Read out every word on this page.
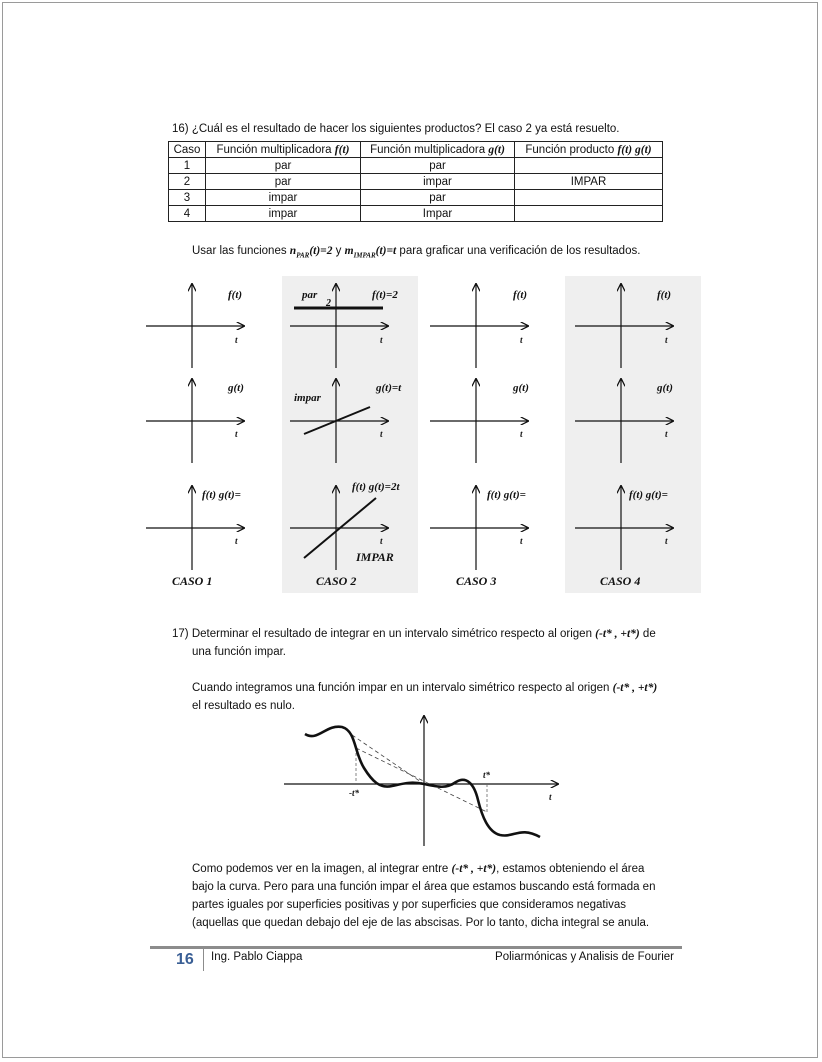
16) ¿Cuál es el resultado de hacer los siguientes productos? El caso 2 ya está resuelto.
Caso	Función multiplicadora f(t)	Función multiplicadora g(t)	Función producto f(t) g(t)
1	par	par	
2	par	impar	IMPAR
3	impar	par	
4	impar	Impar	
Usar las funciones $n_{PAR}(t)=2$ y $m_{IMPAR}(t)=t$ para graficar una verificación de los resultados.
f(t)	par
2
f(t)=2	f(t)	f(t)
t	t	t	t
g(t)
impar
g(t)=t	g(t)	g(t)
t	t	t	t
f(t) g(t)=
f(t) g(t)=2t
f(t) g(t)=	f(t) g(t)=
t	t	t	t
IMPAR
CASO 1	CASO 2	CASO 3	CASO 4
17) Determinar el resultado de integrar en un intervalo simétrico respecto al origen (-t* , +t*) de
una función impar.
Cuando integramos una función impar en un intervalo simétrico respecto al origen (-t* , +t*)
el resultado es nulo.
-t*
t*
t
Como podemos ver en la imagen, al integrar entre (-t* , +t*), estamos obteniendo el área
bajo la curva. Pero para una función impar el área que estamos buscando está formada en
partes iguales por superficies positivas y por superficies que consideramos negativas
(aquellas que quedan debajo del eje de las abscisas. Por lo tanto, dicha integral se anula.
16 Ing. Pablo Ciappa	Poliarmónicas y Analisis de Fourier
